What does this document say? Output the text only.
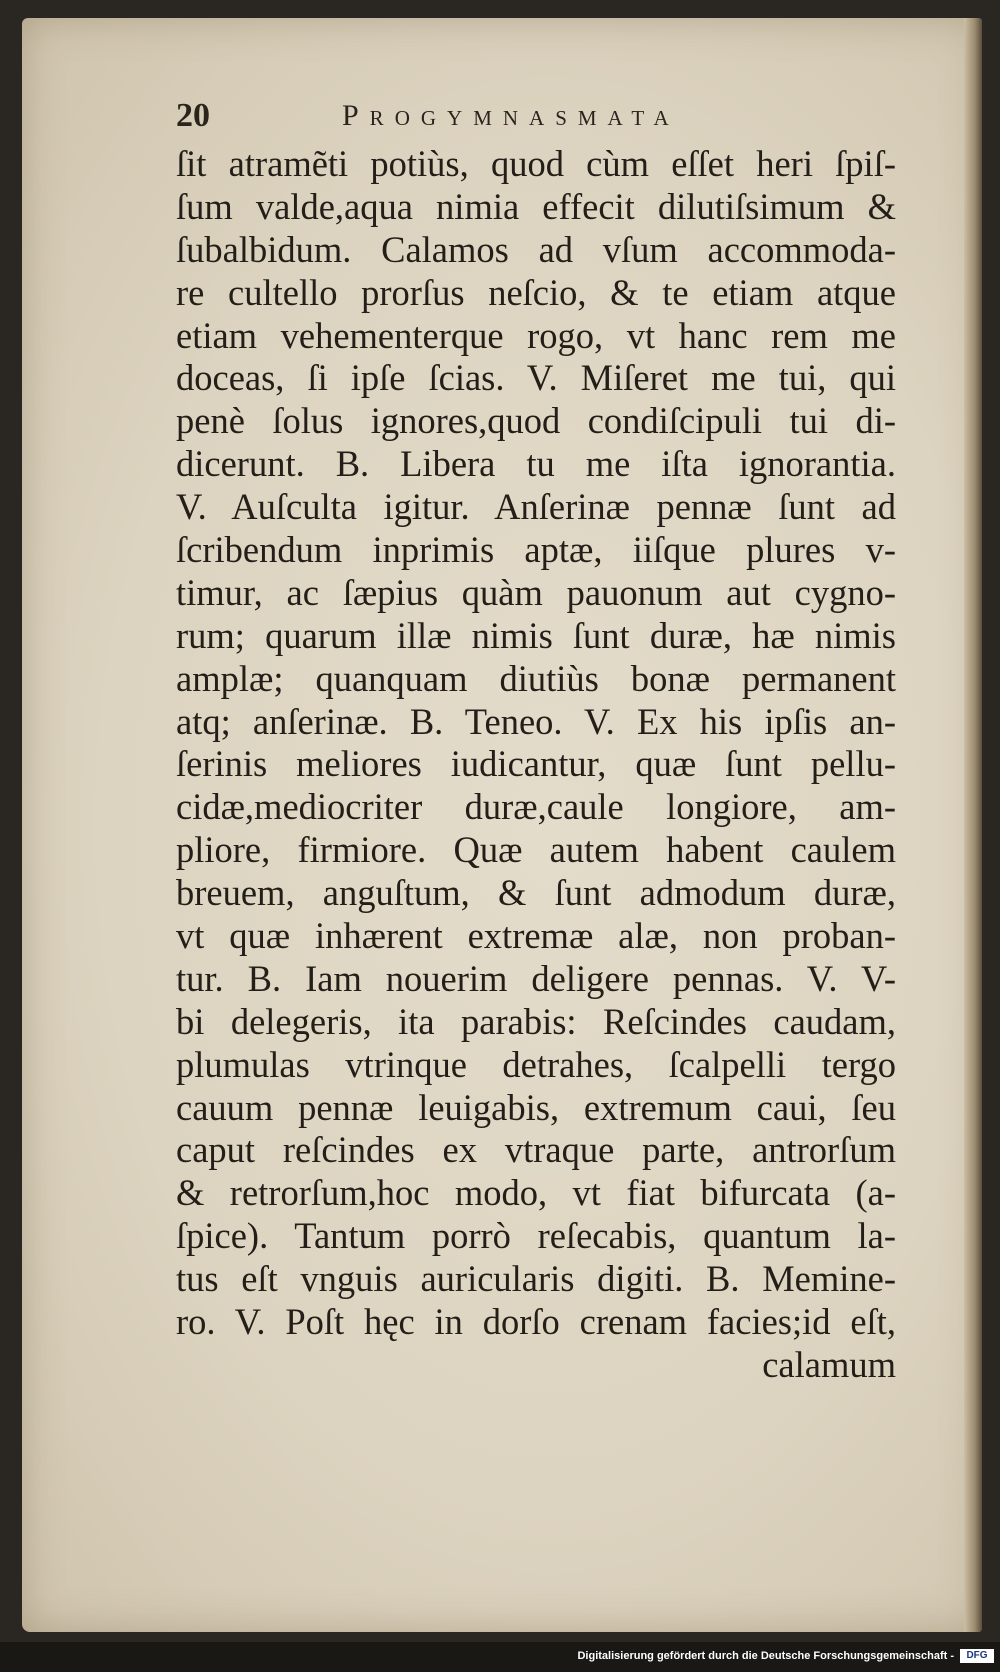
20	Progymnasmata
ſit atramẽti potiùs, quod cùm eſſet heri ſpiſ-
ſum valde,aqua nimia effecit dilutiſsimum &
ſubalbidum. Calamos ad vſum accommoda-
re cultello prorſus neſcio, & te etiam atque
etiam vehementerque rogo, vt hanc rem me
doceas, ſi ipſe ſcias. V. Miſeret me tui, qui
penè ſolus ignores,quod condiſcipuli tui di-
dicerunt. B. Libera tu me iſta ignorantia.
V. Auſculta igitur. Anſerinæ pennæ ſunt ad
ſcribendum inprimis aptæ, iiſque plures v-
timur, ac ſæpius quàm pauonum aut cygno-
rum; quarum illæ nimis ſunt duræ, hæ nimis
amplæ; quanquam diutiùs bonæ permanent
atq; anſerinæ. B. Teneo. V. Ex his ipſis an-
ſerinis meliores iudicantur, quæ ſunt pellu-
cidæ,mediocriter duræ,caule longiore, am-
pliore, firmiore. Quæ autem habent caulem
breuem, anguſtum, & ſunt admodum duræ,
vt quæ inhærent extremæ alæ, non proban-
tur. B. Iam nouerim deligere pennas. V. V-
bi delegeris, ita parabis: Reſcindes caudam,
plumulas vtrinque detrahes, ſcalpelli tergo
cauum pennæ leuigabis, extremum caui, ſeu
caput reſcindes ex vtraque parte, antrorſum
& retrorſum,hoc modo, vt fiat bifurcata (a-
ſpice). Tantum porrò reſecabis, quantum la-
tus eſt vnguis auricularis digiti. B. Meminе-
ro. V. Poſt hęc in dorſo crenam facies;id eſt,
calamum
Digitalisierung gefördert durch die Deutsche Forschungsgemeinschaft -	DFG
